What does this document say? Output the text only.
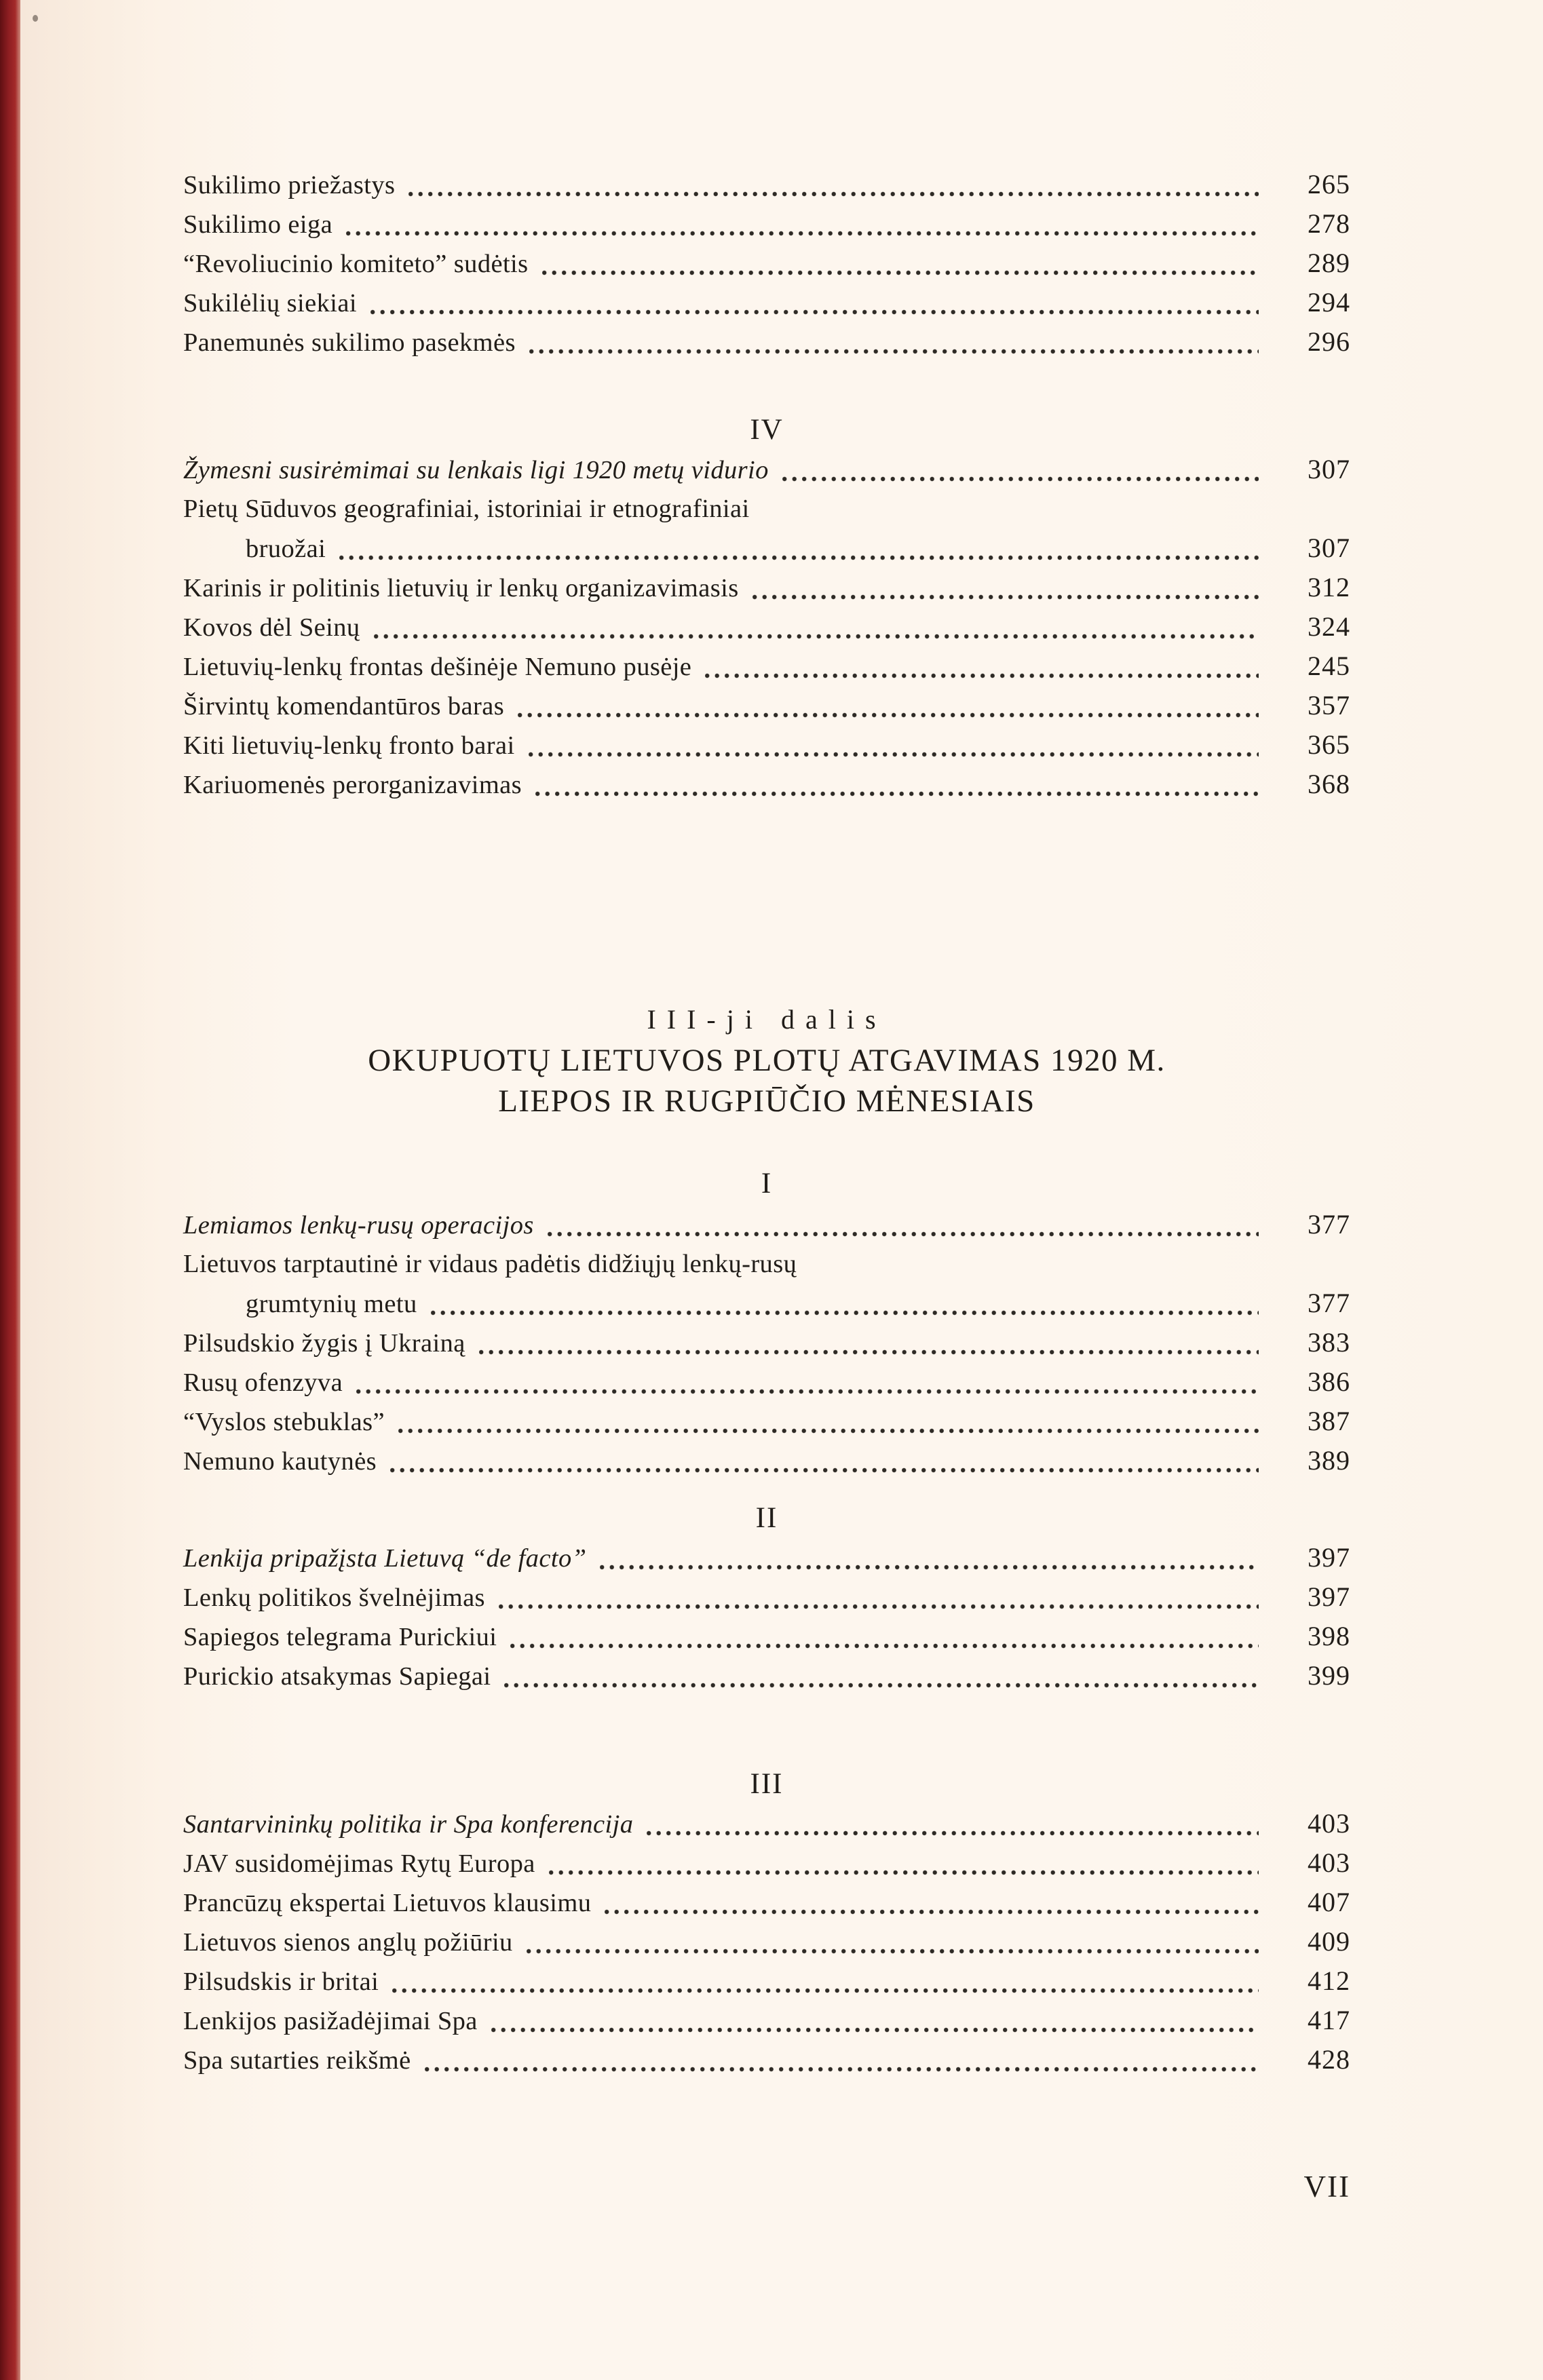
Sukilimo priežastys	265
Sukilimo eiga	278
“Revoliucinio komiteto” sudėtis	289
Sukilėlių siekiai	294
Panemunės sukilimo pasekmės	296
IV
Žymesni susirėmimai su lenkais ligi 1920 metų vidurio	307
Pietų Sūduvos geografiniai, istoriniai ir etnografiniai
bruožai	307
Karinis ir politinis lietuvių ir lenkų organizavimasis	312
Kovos dėl Seinų	324
Lietuvių-lenkų frontas dešinėje Nemuno pusėje	245
Širvintų komendantūros baras	357
Kiti lietuvių-lenkų fronto barai	365
Kariuomenės perorganizavimas	368
III-ji dalis
OKUPUOTŲ LIETUVOS PLOTŲ ATGAVIMAS 1920 M.
LIEPOS IR RUGPIŪČIO MĖNESIAIS
I
Lemiamos lenkų-rusų operacijos	377
Lietuvos tarptautinė ir vidaus padėtis didžiųjų lenkų-rusų
grumtynių metu	377
Pilsudskio žygis į Ukrainą	383
Rusų ofenzyva	386
“Vyslos stebuklas”	387
Nemuno kautynės	389
II
Lenkija pripažįsta Lietuvą “de facto”	397
Lenkų politikos švelnėjimas	397
Sapiegos telegrama Purickiui	398
Purickio atsakymas Sapiegai	399
III
Santarvininkų politika ir Spa konferencija	403
JAV susidomėjimas Rytų Europa	403
Prancūzų ekspertai Lietuvos klausimu	407
Lietuvos sienos anglų požiūriu	409
Pilsudskis ir britai	412
Lenkijos pasižadėjimai Spa	417
Spa sutarties reikšmė	428
VII
